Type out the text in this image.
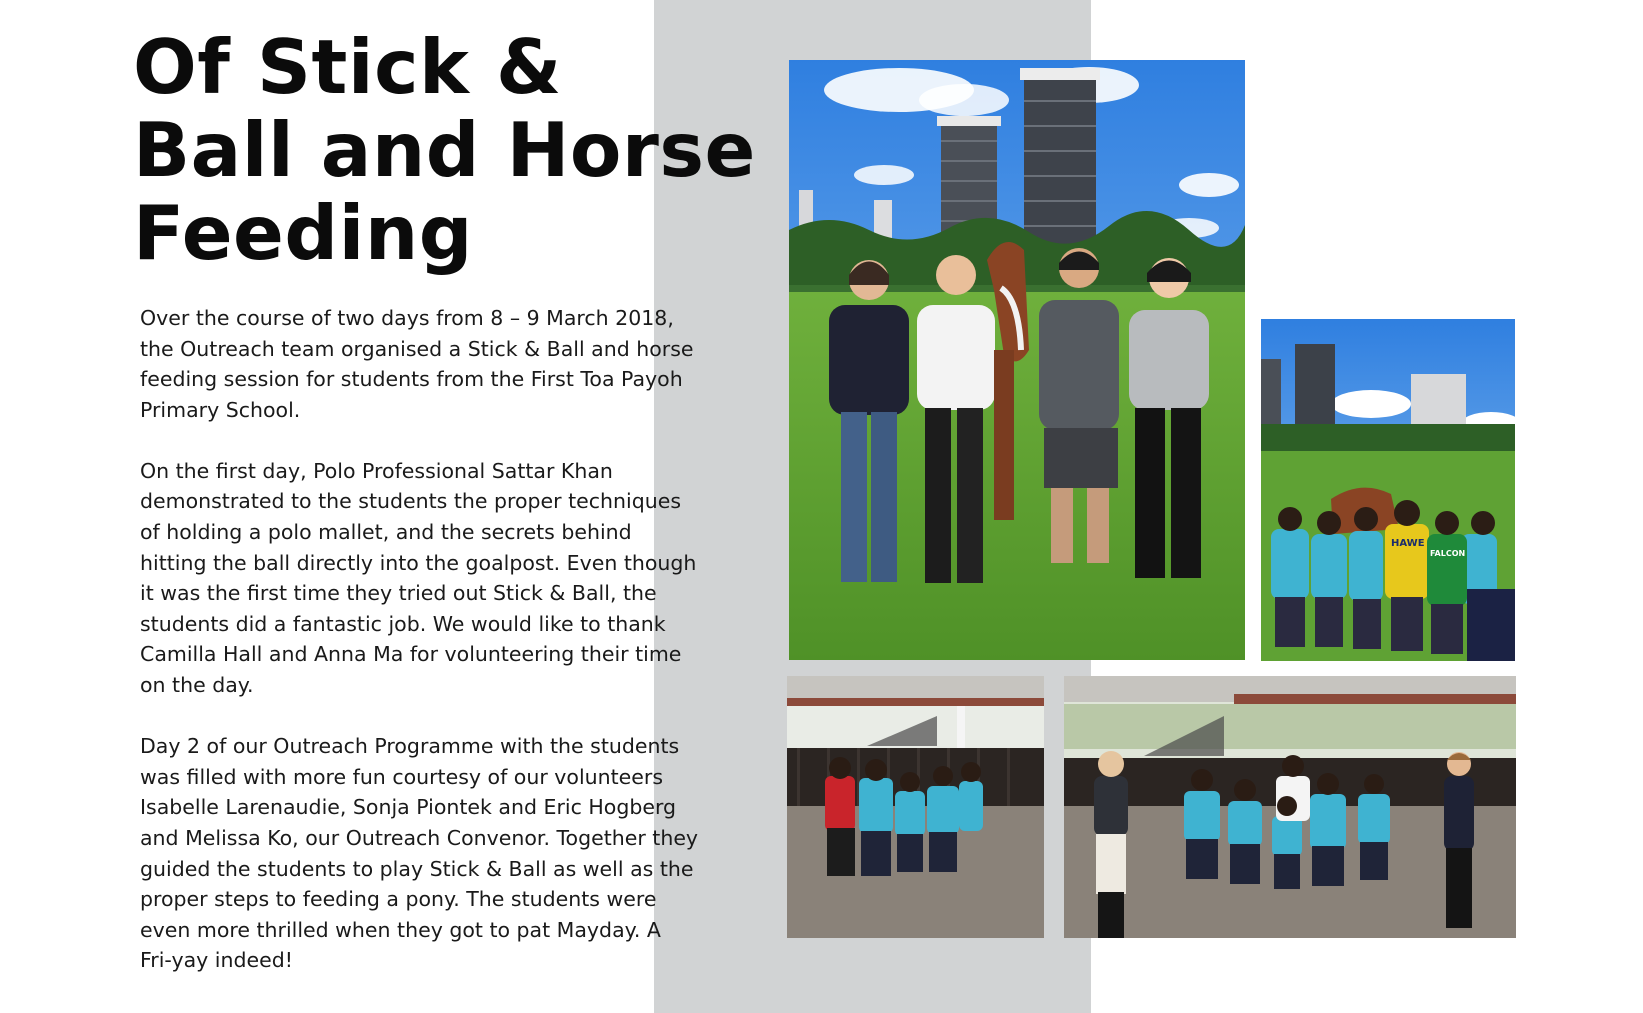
Of Stick &
Ball and Horse
Feeding

Over the course of two days from 8 – 9 March 2018,
the Outreach team organised a Stick & Ball and horse
feeding session for students from the First Toa Payoh
Primary School.

On the first day, Polo Professional Sattar Khan
demonstrated to the students the proper techniques
of holding a polo mallet, and the secrets behind
hitting the ball directly into the goalpost. Even though
it was the first time they tried out Stick & Ball, the
students did a fantastic job. We would like to thank
Camilla Hall and Anna Ma for volunteering their time
on the day.

Day 2 of our Outreach Programme with the students
was filled with more fun courtesy of our volunteers
Isabelle Larenaudie, Sonja Piontek and Eric Hogberg
and Melissa Ko, our Outreach Convenor. Together they
guided the students to play Stick & Ball as well as the
proper steps to feeding a pony. The students were
even more thrilled when they got to pat Mayday. A
Fri-yay indeed!

HAWE
FALCON
